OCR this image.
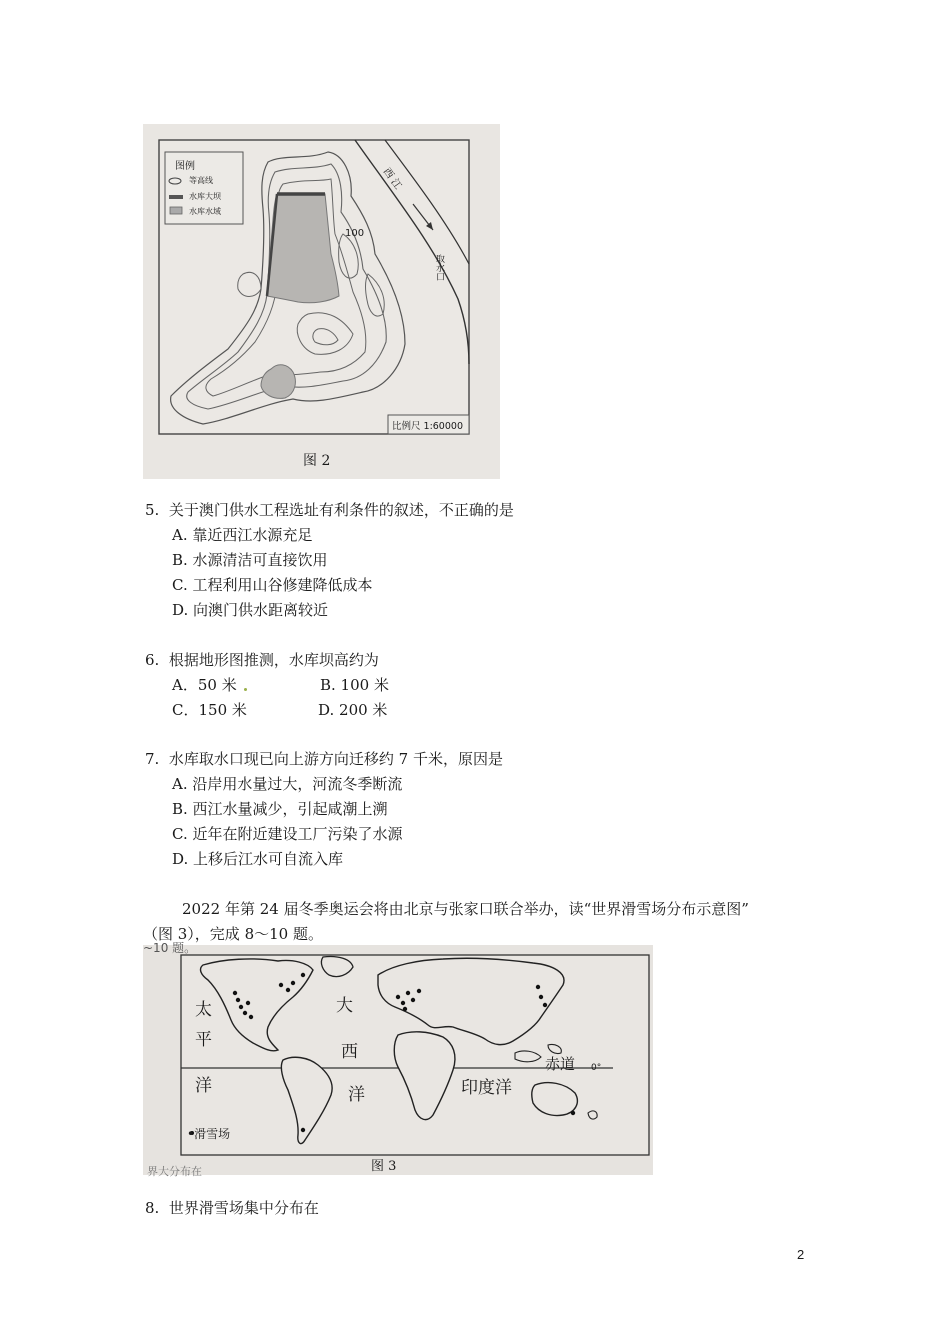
图例
等高线
水库大坝
水库水域
西 江
取水口
100
比例尺 1:60000
图 2
5. 关于澳门供水工程选址有利条件的叙述，不正确的是
A. 靠近西江水源充足
B. 水源清洁可直接饮用
C. 工程利用山谷修建降低成本
D. 向澳门供水距离较近
6. 根据地形图推测，水库坝高约为
A．50 米	B. 100 米
C．150 米	D. 200 米
7. 水库取水口现已向上游方向迁移约 7 千米，原因是
A. 沿岸用水量过大，河流冬季断流
B. 西江水量减少，引起咸潮上溯
C. 近年在附近建设工厂污染了水源
D. 上移后江水可自流入库
2022 年第 24 届冬季奥运会将由北京与张家口联合举办，读“世界滑雪场分布示意图”
（图 3），完成 8～10 题。
~10 题。
太
平
洋
大
西
洋	印度洋
赤道 0°
•滑雪场
图 3
界大分布在
8. 世界滑雪场集中分布在
2
